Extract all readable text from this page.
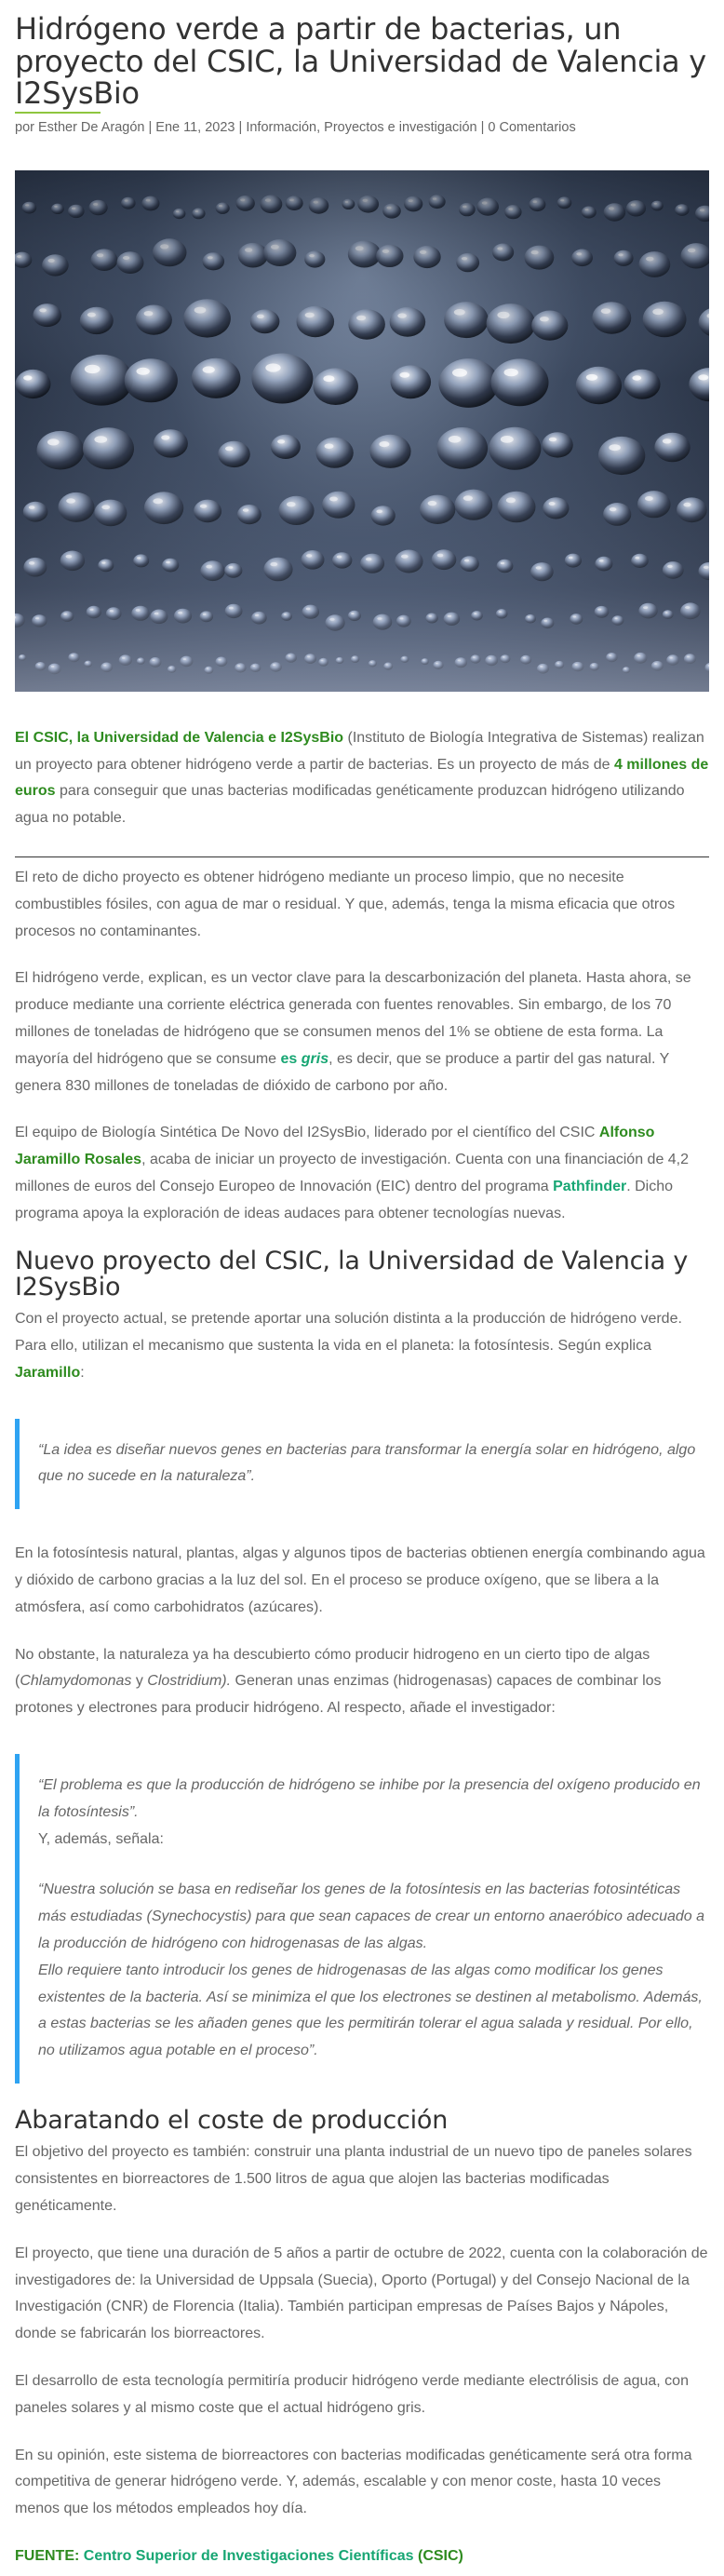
Hidrógeno verde a partir de bacterias, un proyecto del CSIC, la Universidad de Valencia y I2SysBio
por Esther De Aragón | Ene 11, 2023 | Información, Proyectos e investigación | 0 Comentarios

El CSIC, la Universidad de Valencia e I2SysBio (Instituto de Biología Integrativa de Sistemas) realizan un proyecto para obtener hidrógeno verde a partir de bacterias. Es un proyecto de más de 4 millones de euros para conseguir que unas bacterias modificadas genéticamente produzcan hidrógeno utilizando agua no potable.

El reto de dicho proyecto es obtener hidrógeno mediante un proceso limpio, que no necesite combustibles fósiles, con agua de mar o residual. Y que, además, tenga la misma eficacia que otros procesos no contaminantes.

El hidrógeno verde, explican, es un vector clave para la descarbonización del planeta. Hasta ahora, se produce mediante una corriente eléctrica generada con fuentes renovables. Sin embargo, de los 70 millones de toneladas de hidrógeno que se consumen menos del 1% se obtiene de esta forma. La mayoría del hidrógeno que se consume es gris, es decir, que se produce a partir del gas natural. Y genera 830 millones de toneladas de dióxido de carbono por año.

El equipo de Biología Sintética De Novo del I2SysBio, liderado por el científico del CSIC Alfonso Jaramillo Rosales, acaba de iniciar un proyecto de investigación. Cuenta con una financiación de 4,2 millones de euros del Consejo Europeo de Innovación (EIC) dentro del programa Pathfinder. Dicho programa apoya la exploración de ideas audaces para obtener tecnologías nuevas.

Nuevo proyecto del CSIC, la Universidad de Valencia y I2SysBio

Con el proyecto actual, se pretende aportar una solución distinta a la producción de hidrógeno verde. Para ello, utilizan el mecanismo que sustenta la vida en el planeta: la fotosíntesis. Según explica Jaramillo:

“La idea es diseñar nuevos genes en bacterias para transformar la energía solar en hidrógeno, algo que no sucede en la naturaleza”.

En la fotosíntesis natural, plantas, algas y algunos tipos de bacterias obtienen energía combinando agua y dióxido de carbono gracias a la luz del sol. En el proceso se produce oxígeno, que se libera a la atmósfera, así como carbohidratos (azúcares).

No obstante, la naturaleza ya ha descubierto cómo producir hidrogeno en un cierto tipo de algas (Chlamydomonas y Clostridium). Generan unas enzimas (hidrogenasas) capaces de combinar los protones y electrones para producir hidrógeno. Al respecto, añade el investigador:

“El problema es que la producción de hidrógeno se inhibe por la presencia del oxígeno producido en la fotosíntesis”.

Y, además, señala:

“Nuestra solución se basa en rediseñar los genes de la fotosíntesis en las bacterias fotosintéticas más estudiadas (Synechocystis) para que sean capaces de crear un entorno anaeróbico adecuado a la producción de hidrógeno con hidrogenasas de las algas.

Ello requiere tanto introducir los genes de hidrogenasas de las algas como modificar los genes existentes de la bacteria. Así se minimiza el que los electrones se destinen al metabolismo. Además, a estas bacterias se les añaden genes que les permitirán tolerar el agua salada y residual. Por ello, no utilizamos agua potable en el proceso”.

Abaratando el coste de producción

El objetivo del proyecto es también: construir una planta industrial de un nuevo tipo de paneles solares consistentes en biorreactores de 1.500 litros de agua que alojen las bacterias modificadas genéticamente.

El proyecto, que tiene una duración de 5 años a partir de octubre de 2022, cuenta con la colaboración de investigadores de: la Universidad de Uppsala (Suecia), Oporto (Portugal) y del Consejo Nacional de la Investigación (CNR) de Florencia (Italia). También participan empresas de Países Bajos y Nápoles, donde se fabricarán los biorreactores.

El desarrollo de esta tecnología permitiría producir hidrógeno verde mediante electrólisis de agua, con paneles solares y al mismo coste que el actual hidrógeno gris.

En su opinión, este sistema de biorreactores con bacterias modificadas genéticamente será otra forma competitiva de generar hidrógeno verde. Y, además, escalable y con menor coste, hasta 10 veces menos que los métodos empleados hoy día.

FUENTE: Centro Superior de Investigaciones Científicas (CSIC)
